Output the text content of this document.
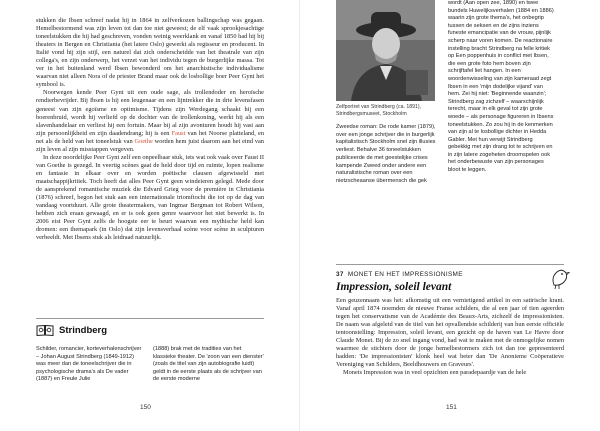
stukken die Ibsen schreef nadat hij in 1864 in zelfverkozen ballingschap was gegaan. Hemelbestormend was zijn leven tot dan toe niet geweest; de elf vaak sprookjesachtige toneelstukken die hij had geschreven, vonden weinig weerklank en vanaf 1850 had hij bij theaters in Bergen en Christiania (het latere Oslo) gewerkt als regisseur en producent. In Italië vond hij zijn stijl, een naturel dat zich onderscheidde van het theatrale van zijn collega's, en zijn onderwerp, het verzet van het individu tegen de burgerlijke massa. Tot ver in het buitenland werd Ibsen bewonderd om het anarchistische individualisme waarvan niet alleen Nora of de priester Brand maar ook de losbollige boer Peer Gynt het symbool is.

Noorwegen kende Peer Gynt uit een oude sage, als trollendoder en heroïsche rendierbevrijder. Bij Ibsen is hij een leugenaar en een lijntrekker die in drie levensfasen geneest van zijn egoïsme en optimisme. Tijdens zijn Werdegang schaakt hij een boerenbruid, wordt hij verliefd op de dochter van de trollenkoning, werkt hij als een slavenhandelaar en verliest hij een fortuin. Maar bij al zijn avonturen houdt hij vast aan zijn persoonlijkheid en zijn daadendrang; hij is een Faust van het Noorse platteland, en net als de held van het toneelstuk van Goethe worden hem juist daarom aan het eind van zijn leven al zijn misstappen vergeven.

In deze noordelijke Peer Gynt zelf een onpeelbaar stuk, iets wat ook vaak over Faust II van Goethe is gezegd. In veertig scènes gaat de held door tijd en ruimte, lopen realisme en fantasie in elkaar over en worden poëtische clausen afgewisseld met maatschappijkritiek. Toch heeft dat alles Peer Gynt geen windeieren gelegd. Mede door de aansprekend romantische muziek die Edvard Grieg voor de première in Christiania (1876) schreef, begon het stuk aan een internationale triomftocht die tot op de dag van vandaag voortduurt. Alle grote theatermakers, van Ingmar Bergman tot Robert Wilson, hebben zich eraan gewaagd, en er is ook geen genre waarvoor het niet bewerkt is. In 2006 eist Peer Gynt zelfs de hoogste eer te beurt waarvan een mythische held kan dromen: een themapark (in Oslo) dat zijn levensverhaal scène voor scène in sculpturen verbeeldt. Met Ibsens stuk als leidraad natuurlijk.

Strindberg

Schilder, romancier, korteverhalenschrijver – Johan August Strindberg (1849-1912) was meer dan de toneelschrijver die in psychologische drama's als De vader (1887) en Freule Julie

(1888) brak met de tradities van het klassieke theater. De 'zoon van een dienster' (zoals de titel van zijn autobiografie luidt) geldt in de eerste plaats als de schrijver van de eerste moderne

150

Zelfportret van Strindberg (ca. 1891), Strindbergsmuseet, Stockholm

Zweedse roman: De rode kamer (1879), over een jonge schrijver die in burgerlijk kapitalistisch Stockholm snel zijn illusies verliest. Behalve 36 toneelstukken publiceerde de met geestelijke crises kampende Zweed onder andere een naturalistische roman over een nietzscheaanse übermensch die gek

wordt (Aan open zee, 1890) en twee bundels Huwelijksverhalen (1884 en 1886) waarin zijn grote thema's, het onbegrip tussen de seksen en de zijns inziens funeste emancipatie van de vrouw, pijnlijk scherp naar voren komen. De reactionaire instelling bracht Strindberg na felle kritiek op Een poppenhuis in conflict met Ibsen, die een grote foto hem boven zijn schrijftafel liet hangen. In een woordenwisseling van zijn kameraad zegt Ibsen in een 'mijn dodelijke vijand' van hem. Zei hij niet: 'Beginnende waanzin'; Strindberg zag zichzelf – waarschijnlijk terecht, maar in elk geval tot zijn grote woede – als personage figureren in Ibsens toneelstukken. Zo zou hij in de kenmerken van zijn al te losbollige dichter in Hedda Gabler. Met hun verwijt Strindberg gebekkig met zijn drang tot te schrijven en in zijn latere zogeheten droomspelen ook het onderbewuste van zijn personages bloot te leggen.

37 MONET EN HET IMPRESSIONISME
Impression, soleil levant

Een geuzennaam was het: afkomstig uit een vernietigend artikel in een satirische krant. Vanaf april 1874 noemden de nieuwe Franse schilders, die al een jaar of tien ageerden tegen het conservatisme van de Académie des Beaux-Arts, zichzelf de impressionisten. De naam was afgeleid van de titel van het opvallendste schilderij van hun eerste officiële tentoonstelling: Impression, soleil levant, een gezicht op de haven van Le Havre door Claude Monet. Bij de zo snel ingang vond, had wat te maken met de onmogelijke nomen waarmee de stichters door de jonge hemelbestormers zich tot dan toe gepresenteerd hadden: 'De impressionisten' klonk heel wat beter dan 'De Anonieme Coöperatieve Vereniging van Schilders, Beeldhouwers en Graveurs'.

Monets Impression was in veel opzichten een paradepaardje van de hele

151
